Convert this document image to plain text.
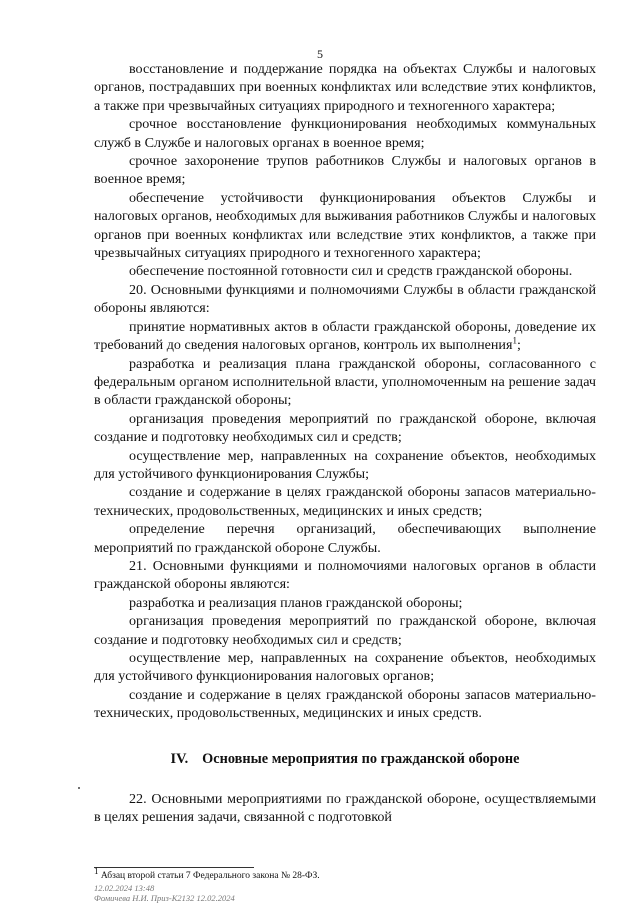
5

восстановление и поддержание порядка на объектах Службы и налоговых органов, пострадавших при военных конфликтах или вследствие этих конфликтов, а также при чрезвычайных ситуациях природного и техногенного характера;

срочное восстановление функционирования необходимых коммунальных служб в Службе и налоговых органах в военное время;

срочное захоронение трупов работников Службы и налоговых органов в военное время;

обеспечение устойчивости функционирования объектов Службы и налоговых органов, необходимых для выживания работников Службы и налоговых органов при военных конфликтах или вследствие этих конфликтов, а также при чрезвычайных ситуациях природного и техногенного характера;

обеспечение постоянной готовности сил и средств гражданской обороны.

20. Основными функциями и полномочиями Службы в области гражданской обороны являются:

принятие нормативных актов в области гражданской обороны, доведение их требований до сведения налоговых органов, контроль их выполнения$^1$;

разработка и реализация плана гражданской обороны, согласованного с федеральным органом исполнительной власти, уполномоченным на решение задач в области гражданской обороны;

организация проведения мероприятий по гражданской обороне, включая создание и подготовку необходимых сил и средств;

осуществление мер, направленных на сохранение объектов, необходимых для устойчивого функционирования Службы;

создание и содержание в целях гражданской обороны запасов материально-технических, продовольственных, медицинских и иных средств;

определение перечня организаций, обеспечивающих выполнение мероприятий по гражданской обороне Службы.

21. Основными функциями и полномочиями налоговых органов в области гражданской обороны являются:

разработка и реализация планов гражданской обороны;

организация проведения мероприятий по гражданской обороне, включая создание и подготовку необходимых сил и средств;

осуществление мер, направленных на сохранение объектов, необходимых для устойчивого функционирования налоговых органов;

создание и содержание в целях гражданской обороны запасов материально-технических, продовольственных, медицинских и иных средств.

IV. Основные мероприятия по гражданской обороне

22. Основными мероприятиями по гражданской обороне, осуществляемыми в целях решения задачи, связанной с подготовкой

$^1$ Абзац второй статьи 7 Федерального закона № 28-ФЗ.
12.02.2024 13:48
Фомичева Н.И. Приз-К2132 12.02.2024
